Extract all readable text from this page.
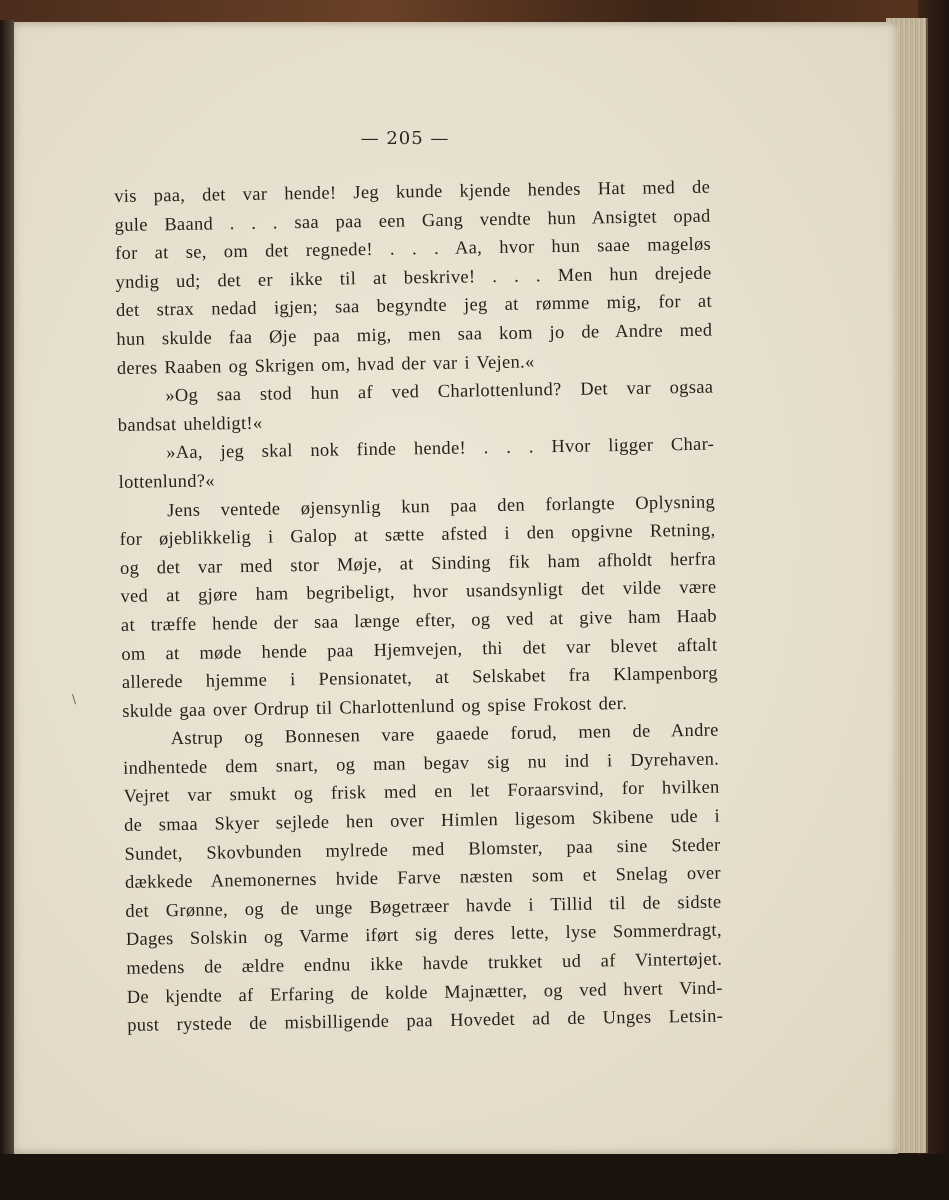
\
— 205 —
vis paa, det var hende! Jeg kunde kjende hendes Hat med de
gule Baand . . . saa paa een Gang vendte hun Ansigtet opad
for at se, om det regnede! . . . Aa, hvor hun saae mageløs
yndig ud; det er ikke til at beskrive! . . . Men hun drejede
det strax nedad igjen; saa begyndte jeg at rømme mig, for at
hun skulde faa Øje paa mig, men saa kom jo de Andre med
deres Raaben og Skrigen om, hvad der var i Vejen.«
»Og saa stod hun af ved Charlottenlund? Det var ogsaa
bandsat uheldigt!«
»Aa, jeg skal nok finde hende! . . . Hvor ligger Char-
lottenlund?«
Jens ventede øjensynlig kun paa den forlangte Oplysning
for øjeblikkelig i Galop at sætte afsted i den opgivne Retning,
og det var med stor Møje, at Sinding fik ham afholdt herfra
ved at gjøre ham begribeligt, hvor usandsynligt det vilde være
at træffe hende der saa længe efter, og ved at give ham Haab
om at møde hende paa Hjemvejen, thi det var blevet aftalt
allerede hjemme i Pensionatet, at Selskabet fra Klampenborg
skulde gaa over Ordrup til Charlottenlund og spise Frokost der.
Astrup og Bonnesen vare gaaede forud, men de Andre
indhentede dem snart, og man begav sig nu ind i Dyrehaven.
Vejret var smukt og frisk med en let Foraarsvind, for hvilken
de smaa Skyer sejlede hen over Himlen ligesom Skibene ude i
Sundet, Skovbunden mylrede med Blomster, paa sine Steder
dækkede Anemonernes hvide Farve næsten som et Snelag over
det Grønne, og de unge Bøgetræer havde i Tillid til de sidste
Dages Solskin og Varme iført sig deres lette, lyse Sommerdragt,
medens de ældre endnu ikke havde trukket ud af Vintertøjet.
De kjendte af Erfaring de kolde Majnætter, og ved hvert Vind-
pust rystede de misbilligende paa Hovedet ad de Unges Letsin-
